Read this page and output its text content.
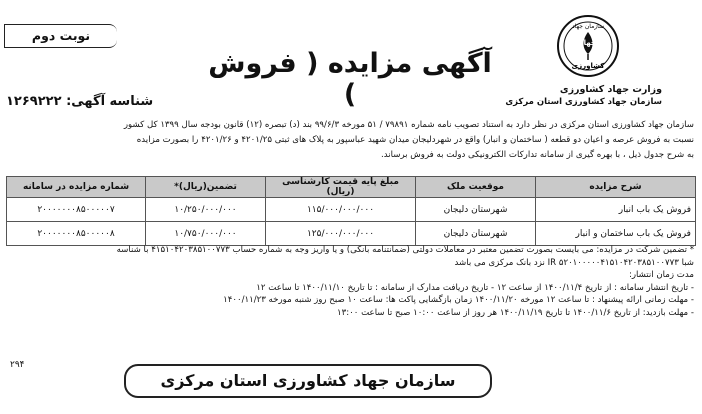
سازمان جهاد
کشاورزی
جهاد
وزارت جهاد کشاورزی
سازمان جهاد کشاورزی استان مرکزی
آگهی مزایده ( فروش )
نوبت دوم
شناسه آگهی: ۱۲۶۹۲۲۲
سازمان جهاد کشاورزی استان مرکزی در نظر دارد به استناد تصویب نامه شماره ۷۹۸۹۱ / ۵۱ مورخه ۹۹/۶/۳ بند (د) تبصره (۱۲) قانون بودجه سال ۱۳۹۹ کل کشور
نسبت به فروش عرصه و اعیان دو قطعه ( ساختمان و انبار) واقع در شهردلیجان میدان شهید عباسپور به پلاک های ثبتی ۴۲۰۱/۲۵ و ۴۲۰۱/۲۶ را بصورت مزایده
به شرح جدول ذیل ، با بهره گیری از سامانه تدارکات الکترونیکی دولت به فروش برساند.
شرح مزایده	موقعیت ملک	مبلغ پایه قیمت کارشناسی (ریال)	تضمین(ریال)*	شماره مزایده در سامانه
فروش یک باب انبار	شهرستان دلیجان	۱۱۵/۰۰۰/۰۰۰/۰۰۰	۱۰/۲۵۰/۰۰۰/۰۰۰	۲۰۰۰۰۰۰۰۸۵۰۰۰۰۰۷
فروش یک باب ساختمان و انبار	شهرستان دلیجان	۱۲۵/۰۰۰/۰۰۰/۰۰۰	۱۰/۷۵۰/۰۰۰/۰۰۰	۲۰۰۰۰۰۰۰۸۵۰۰۰۰۰۸
* تضمین شرکت در مزایده: می بایست بصورت تضمین معتبر در معاملات دولتی (ضمانتنامه بانکی) و یا واریز وجه به شماره حساب ۴۱۵۱۰۴۲۰۳۸۵۱۰۰۷۷۳ با شناسه
شبا IR ۵۲۰۱۰۰۰۰۰۴۱۵۱۰۴۲۰۳۸۵۱۰۰۷۷۳ نزد بانک مرکزی می باشد
مدت زمان انتشار:
- تاریخ انتشار سامانه : از تاریخ ۱۴۰۰/۱۱/۴ از ساعت ۱۲ - تاریخ دریافت مدارک از سامانه : تا تاریخ ۱۴۰۰/۱۱/۱۰ تا ساعت ۱۲
- مهلت زمانی ارائه پیشنهاد : تا ساعت ۱۲ مورخه ۱۴۰۰/۱۱/۲۰ زمان بازگشایی پاکت ها: ساعت ۱۰ صبح روز شنبه مورخه ۱۴۰۰/۱۱/۲۳
- مهلت بازدید: از تاریخ ۱۴۰۰/۱۱/۶ تا تاریخ ۱۴۰۰/۱۱/۱۹ هر روز از ساعت ۱۰:۰۰ صبح تا ساعت ۱۳:۰۰
۲۹۴
سازمان جهاد کشاورزی استان مرکزی
